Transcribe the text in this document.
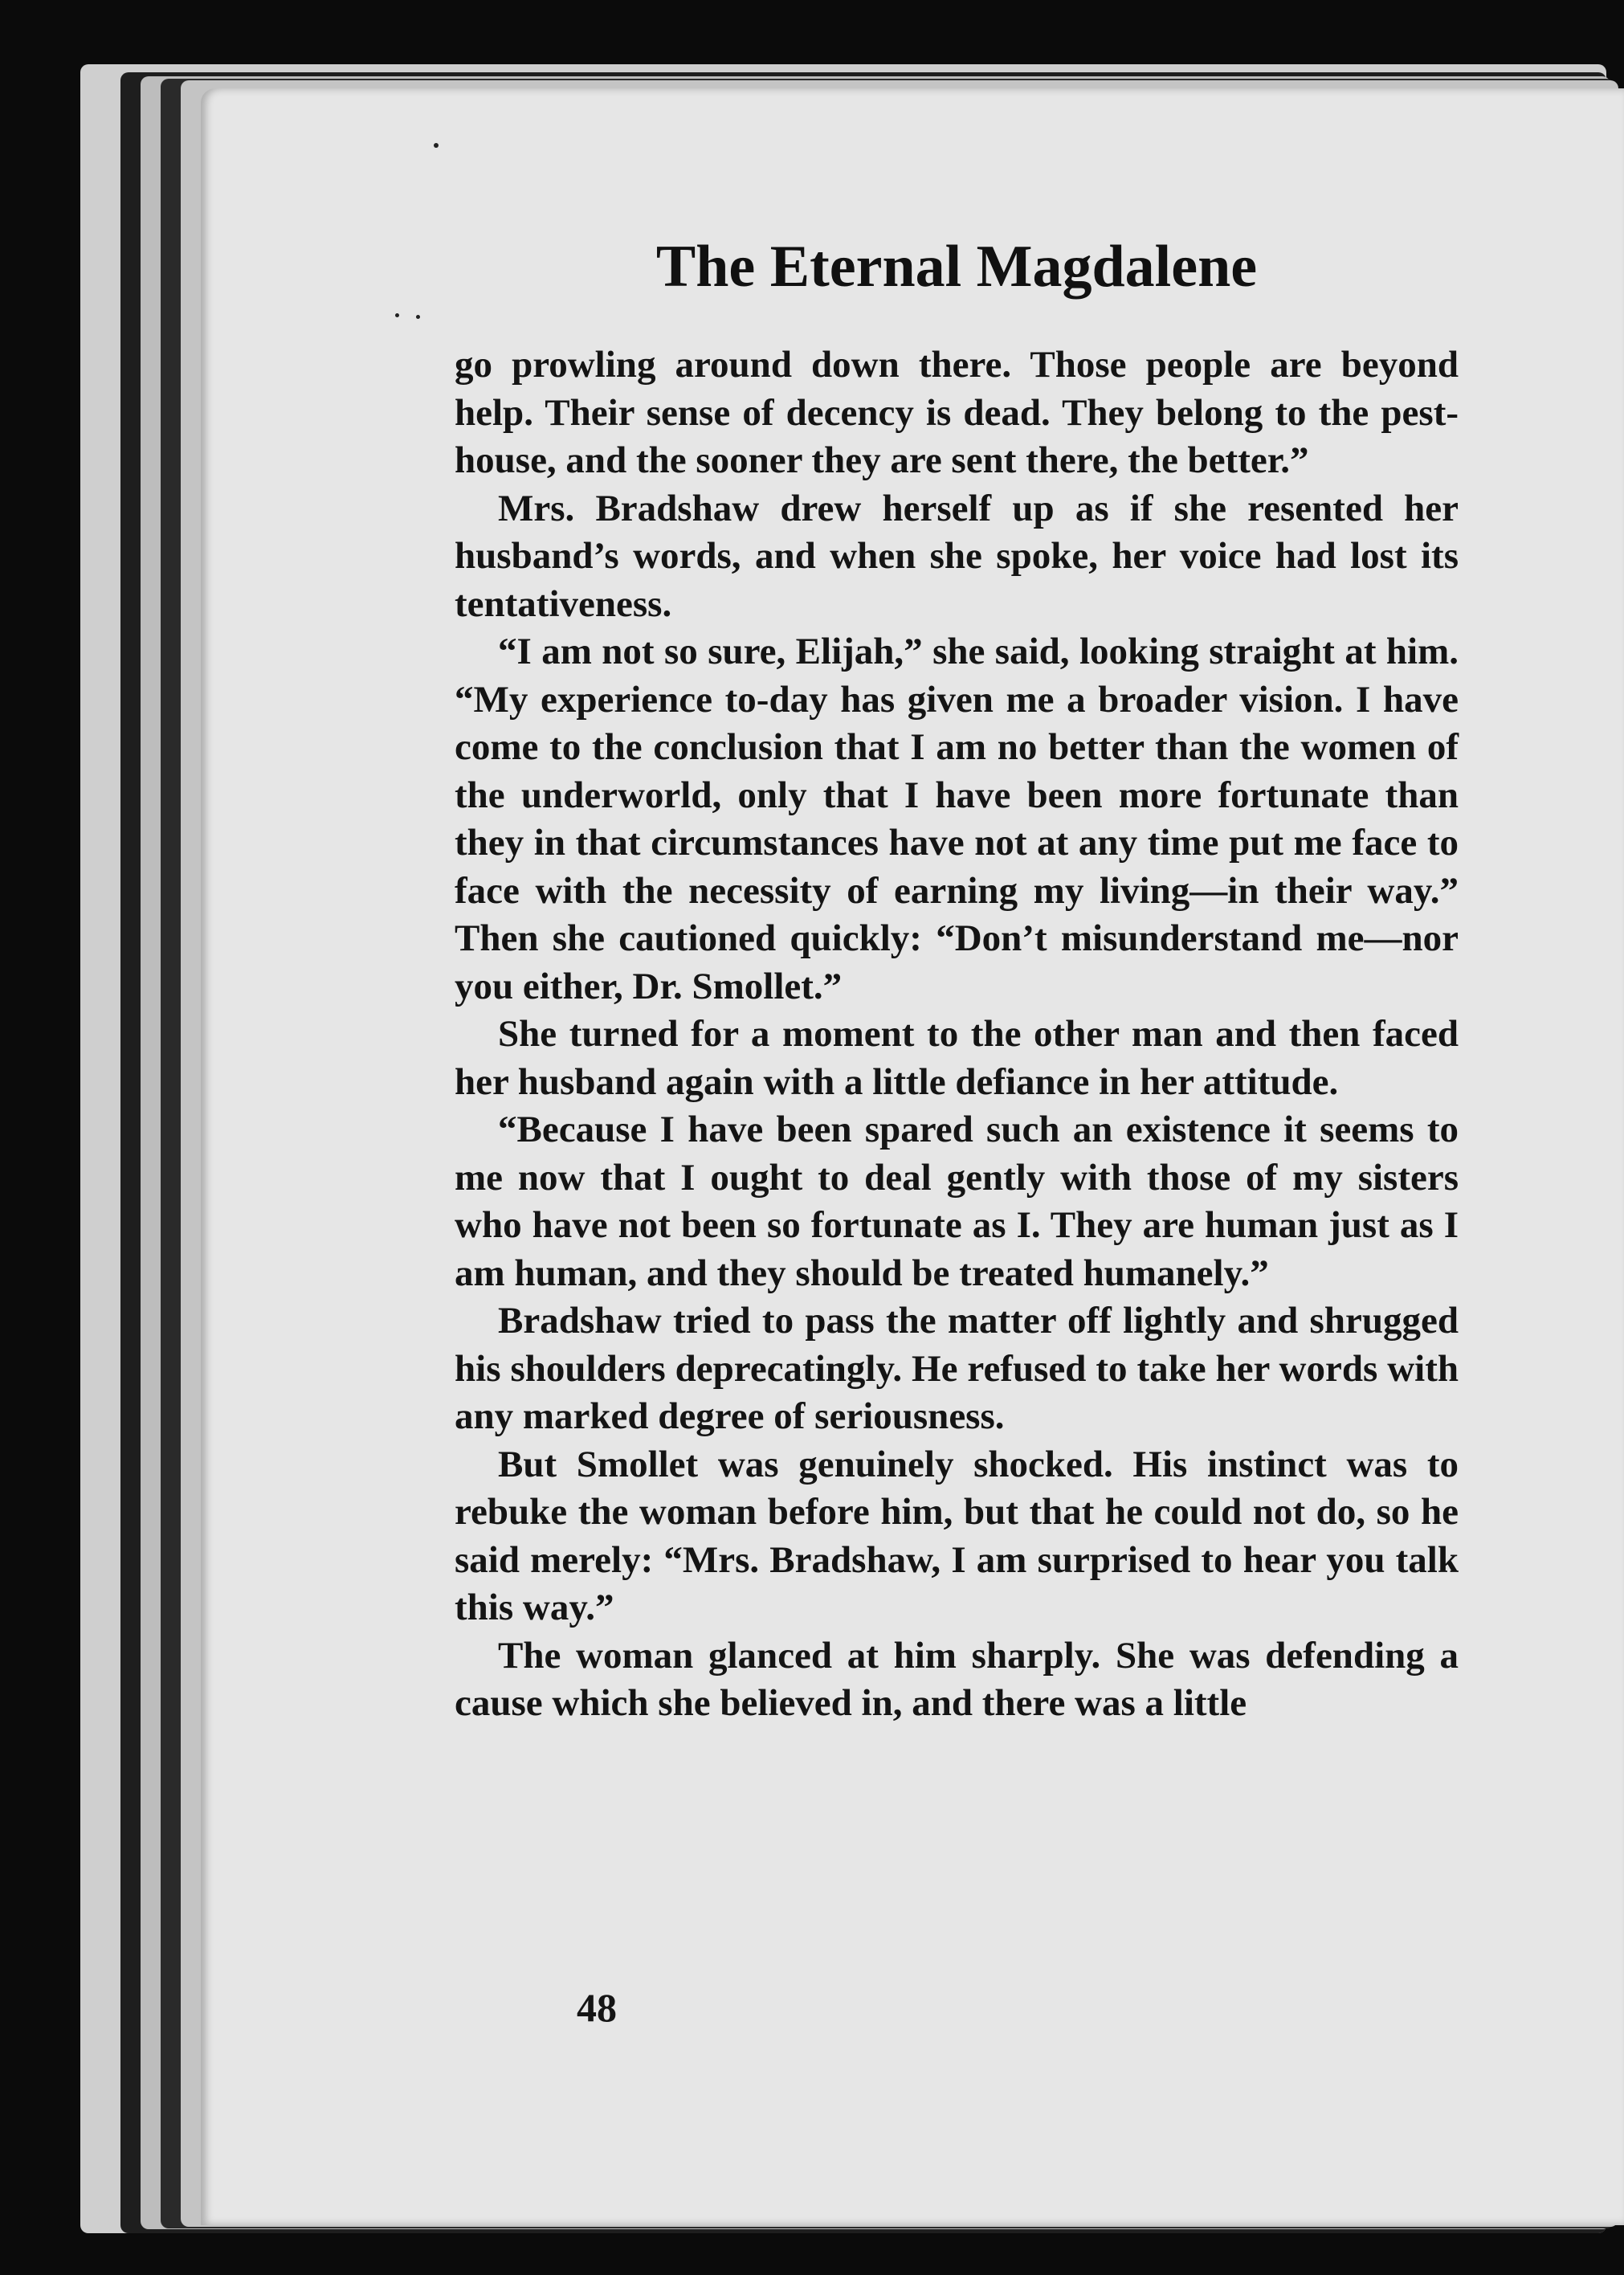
The Eternal Magdalene

go prowling around down there. Those people are beyond help. Their sense of decency is dead. They belong to the pest-house, and the sooner they are sent there, the better.”

Mrs. Bradshaw drew herself up as if she resented her husband’s words, and when she spoke, her voice had lost its tentativeness.

“I am not so sure, Elijah,” she said, looking straight at him. “My experience to-day has given me a broader vision. I have come to the conclusion that I am no better than the women of the underworld, only that I have been more fortunate than they in that circumstances have not at any time put me face to face with the necessity of earning my living—in their way.” Then she cautioned quickly: “Don’t misunderstand me—nor you either, Dr. Smollet.”

She turned for a moment to the other man and then faced her husband again with a little defiance in her attitude.

“Because I have been spared such an existence it seems to me now that I ought to deal gently with those of my sisters who have not been so fortunate as I. They are human just as I am human, and they should be treated humanely.”

Bradshaw tried to pass the matter off lightly and shrugged his shoulders deprecatingly. He refused to take her words with any marked degree of seriousness.

But Smollet was genuinely shocked. His instinct was to rebuke the woman before him, but that he could not do, so he said merely: “Mrs. Bradshaw, I am surprised to hear you talk this way.”

The woman glanced at him sharply. She was defending a cause which she believed in, and there was a little

48
